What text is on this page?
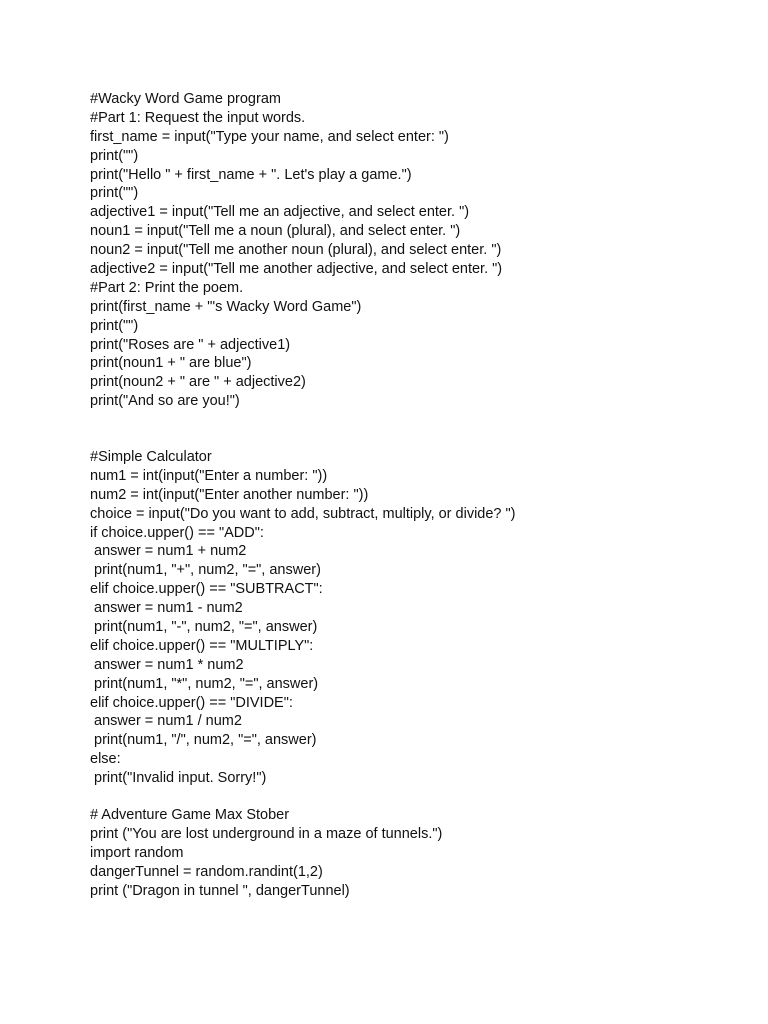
#Wacky Word Game program
#Part 1: Request the input words.
first_name = input("Type your name, and select enter: ")
print("")
print("Hello " + first_name + ". Let's play a game.")
print("")
adjective1 = input("Tell me an adjective, and select enter. ")
noun1 = input("Tell me a noun (plural), and select enter. ")
noun2 = input("Tell me another noun (plural), and select enter. ")
adjective2 = input("Tell me another adjective, and select enter. ")
#Part 2: Print the poem.
print(first_name + "'s Wacky Word Game")
print("")
print("Roses are " + adjective1)
print(noun1 + " are blue")
print(noun2 + " are " + adjective2)
print("And so are you!")
#Simple Calculator
num1 = int(input("Enter a number: "))
num2 = int(input("Enter another number: "))
choice = input("Do you want to add, subtract, multiply, or divide? ")
if choice.upper() == "ADD":
answer = num1 + num2
print(num1, "+", num2, "=", answer)
elif choice.upper() == "SUBTRACT":
answer = num1 - num2
print(num1, "-", num2, "=", answer)
elif choice.upper() == "MULTIPLY":
answer = num1 * num2
print(num1, "*", num2, "=", answer)
elif choice.upper() == "DIVIDE":
answer = num1 / num2
print(num1, "/", num2, "=", answer)
else:
print("Invalid input. Sorry!")
# Adventure Game Max Stober
print ("You are lost underground in a maze of tunnels.")
import random
dangerTunnel = random.randint(1,2)
print ("Dragon in tunnel ", dangerTunnel)
